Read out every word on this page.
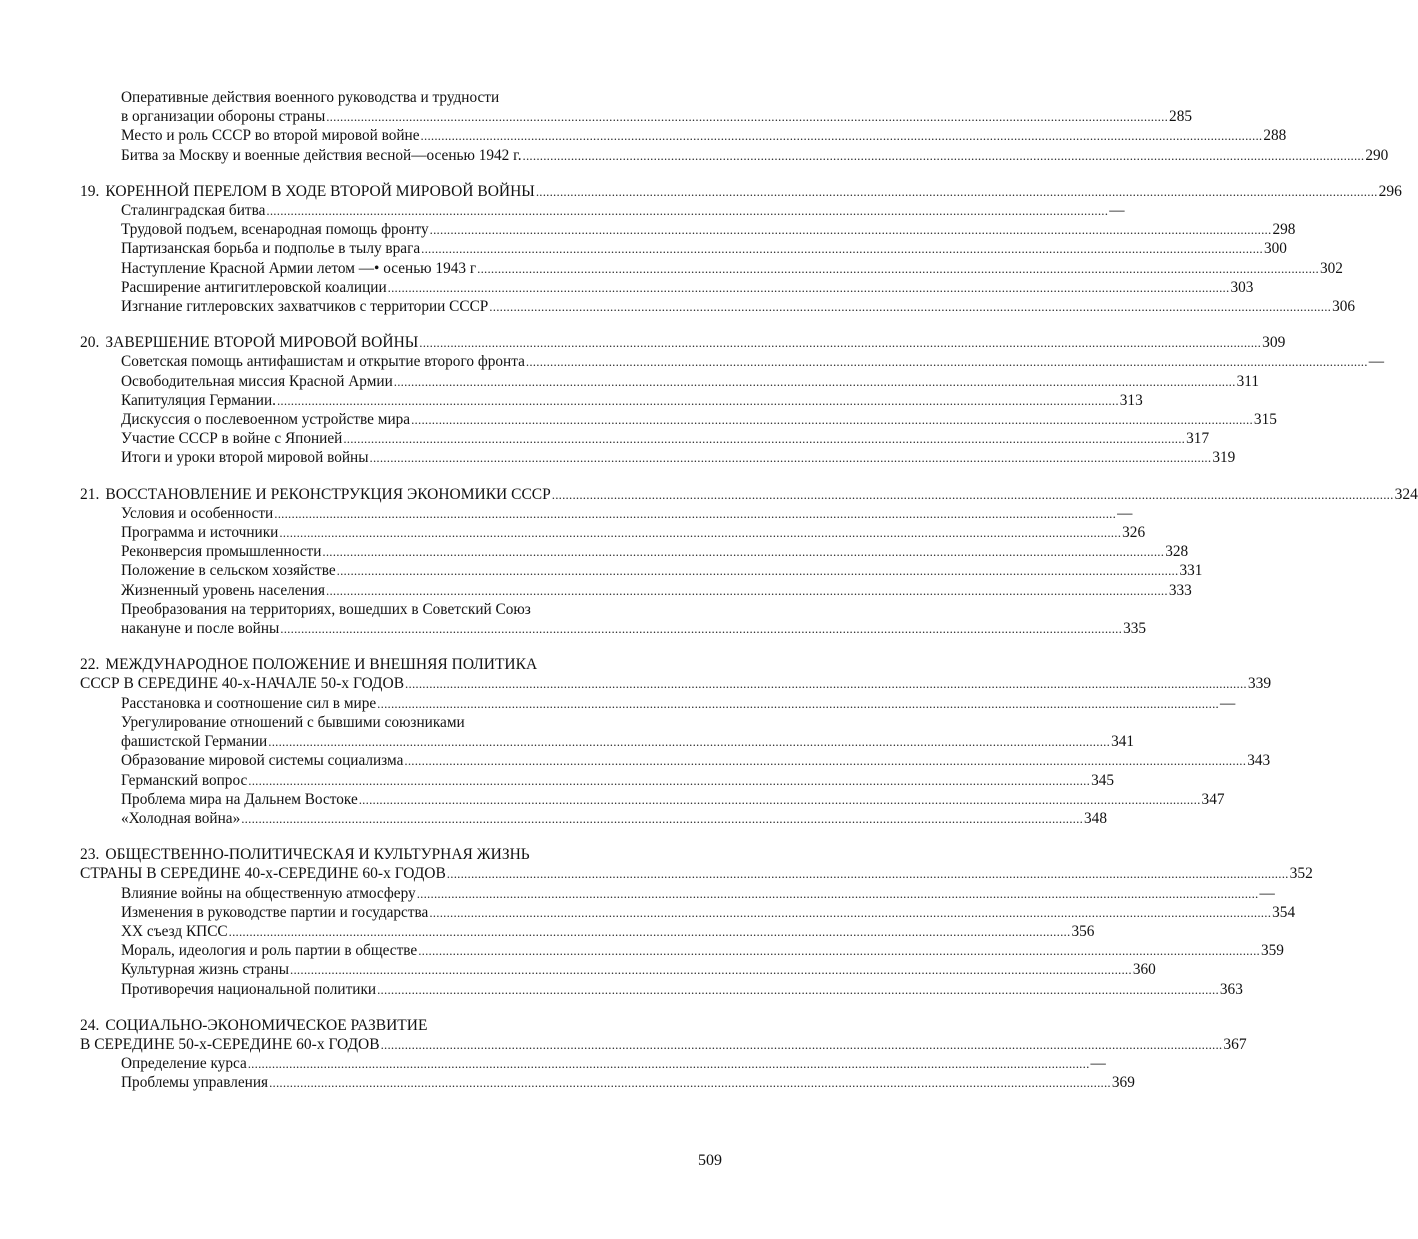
Оперативные действия военного руководства и трудности
в организации обороны страны .....	285
Место и роль СССР во второй мировой войне .....	288
Битва за Москву и военные действия весной—осенью 1942 г. .....	290
19. КОРЕННОЙ ПЕРЕЛОМ В ХОДЕ ВТОРОЙ МИРОВОЙ ВОЙНЫ .....	296
Сталинградская битва .....	—
Трудовой подъем, всенародная помощь фронту .....	298
Партизанская борьба и подполье в тылу врага .....	300
Наступление Красной Армии летом —• осенью 1943 г .....	302
Расширение антигитлеровской коалиции .....	303
Изгнание гитлеровских захватчиков с территории СССР .....	306
20. ЗАВЕРШЕНИЕ ВТОРОЙ МИРОВОЙ ВОЙНЫ .....	309
Советская помощь антифашистам и открытие второго фронта .....	—
Освободительная миссия Красной Армии .....	311
Капитуляция Германии. .....	313
Дискуссия о послевоенном устройстве мира .....	315
Участие СССР в войне с Японией .....	317
Итоги и уроки второй мировой войны .....	319
21. ВОССТАНОВЛЕНИЕ И РЕКОНСТРУКЦИЯ ЭКОНОМИКИ СССР .....	324
Условия и особенности .....	—
Программа и источники .....	326
Реконверсия промышленности .....	328
Положение в сельском хозяйстве .....	331
Жизненный уровень населения .....	333
Преобразования на территориях, вошедших в Советский Союз
накануне и после войны .....	335
22. МЕЖДУНАРОДНОЕ ПОЛОЖЕНИЕ И ВНЕШНЯЯ ПОЛИТИКА
СССР В СЕРЕДИНЕ 40-х-НАЧАЛЕ 50-х ГОДОВ .....	339
Расстановка и соотношение сил в мире .....	—
Урегулирование отношений с бывшими союзниками
фашистской Германии .....	341
Образование мировой системы социализма .....	343
Германский вопрос .....	345
Проблема мира на Дальнем Востоке .....	347
«Холодная война» .....	348
23. ОБЩЕСТВЕННО-ПОЛИТИЧЕСКАЯ И КУЛЬТУРНАЯ ЖИЗНЬ
СТРАНЫ В СЕРЕДИНЕ 40-х-СЕРЕДИНЕ 60-х ГОДОВ .....	352
Влияние войны на общественную атмосферу .....	—
Изменения в руководстве партии и государства .....	354
XX съезд КПСС .....	356
Мораль, идеология и роль партии в обществе .....	359
Культурная жизнь страны .....	360
Противоречия национальной политики .....	363
24. СОЦИАЛЬНО-ЭКОНОМИЧЕСКОЕ РАЗВИТИЕ
В СЕРЕДИНЕ 50-х-СЕРЕДИНЕ 60-х ГОДОВ .....	367
Определение курса .....	—
Проблемы управления .....	369
509
